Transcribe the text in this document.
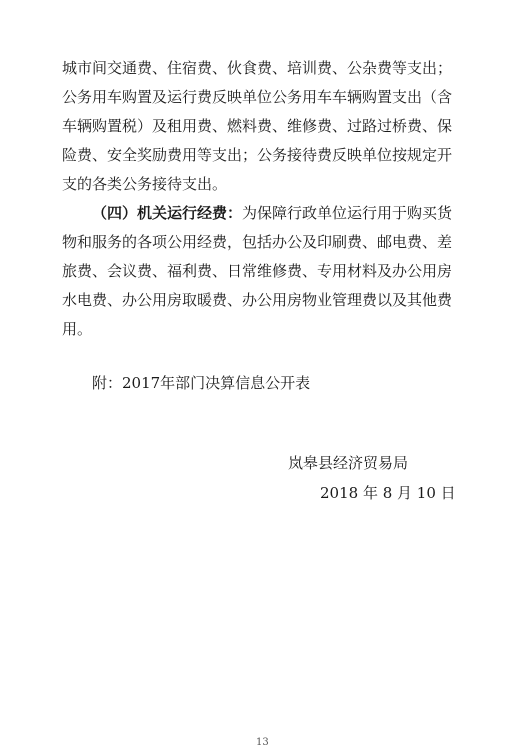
城市间交通费、住宿费、伙食费、培训费、公杂费等支出；
公务用车购置及运行费反映单位公务用车车辆购置支出（含
车辆购置税）及租用费、燃料费、维修费、过路过桥费、保
险费、安全奖励费用等支出；公务接待费反映单位按规定开
支的各类公务接待支出。
（四）机关运行经费：为保障行政单位运行用于购买货
物和服务的各项公用经费，包括办公及印刷费、邮电费、差
旅费、会议费、福利费、日常维修费、专用材料及办公用房
水电费、办公用房取暖费、办公用房物业管理费以及其他费
用。
附：2017年部门决算信息公开表
岚皋县经济贸易局
2018 年 8 月 10 日
13
